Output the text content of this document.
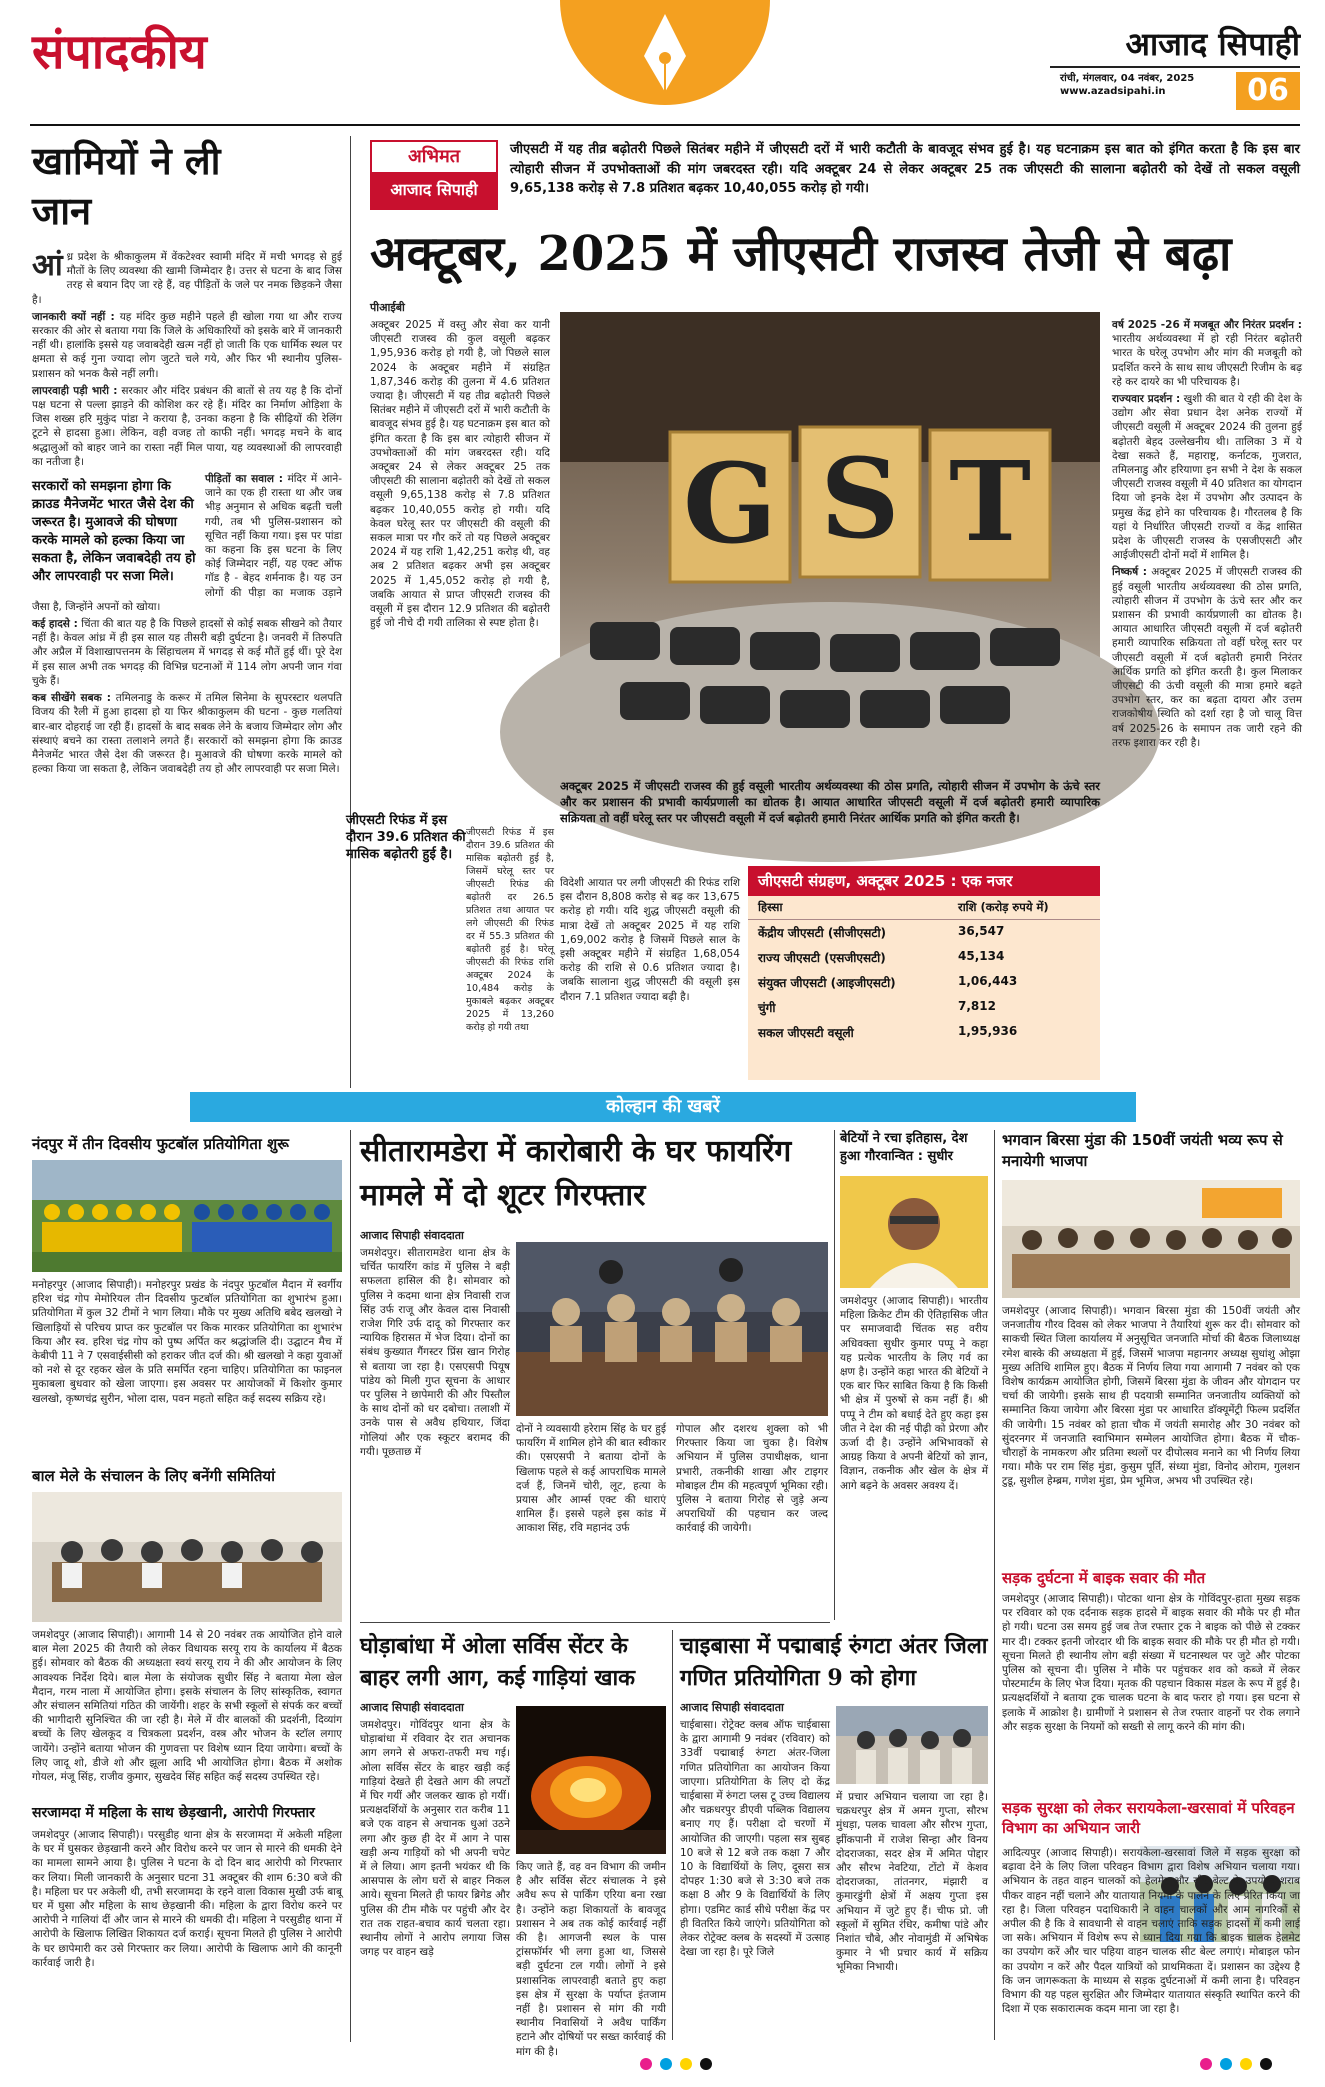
संपादकीय	आजाद सिपाही
रांची, मंगलवार, 04 नवंबर, 2025
www.azadsipahi.in	06
खामियों ने ली जान

आंध्र प्रदेश के श्रीकाकुलम में वेंकटेश्वर स्वामी मंदिर में मची भगदड़ से हुई मौतों के लिए व्यवस्था की खामी जिम्मेदार है। उत्तर से घटना के बाद जिस तरह से बयान दिए जा रहे हैं, वह पीड़ितों के जले पर नमक छिड़कने जैसा है।

जानकारी क्यों नहीं : यह मंदिर कुछ महीने पहले ही खोला गया था और राज्य सरकार की ओर से बताया गया कि जिले के अधिकारियों को इसके बारे में जानकारी नहीं थी। हालांकि इससे यह जवाबदेही खत्म नहीं हो जाती कि एक धार्मिक स्थल पर क्षमता से कई गुना ज्यादा लोग जुटते चले गये, और फिर भी स्थानीय पुलिस-प्रशासन को भनक कैसे नहीं लगी।

लापरवाही पड़ी भारी : सरकार और मंदिर प्रबंधन की बातों से तय यह है कि दोनों पक्ष घटना से पल्ला झाड़ने की कोशिश कर रहे हैं। मंदिर का निर्माण ओड़िशा के जिस शख्स हरि मुकुंद पांडा ने कराया है, उनका कहना है कि सीढ़ियों की रेलिंग टूटने से हादसा हुआ। लेकिन, वही वजह तो काफी नहीं। भगदड़ मचने के बाद श्रद्धालुओं को बाहर जाने का रास्ता नहीं मिल पाया, यह व्यवस्थाओं की लापरवाही का नतीजा है।

सरकारों को समझना होगा कि क्राउड मैनेजमेंट भारत जैसे देश की जरूरत है। मुआवजे की घोषणा करके मामले को हल्का किया जा सकता है, लेकिन जवाबदेही तय हो और लापरवाही पर सजा मिले।

पीड़ितों का सवाल : मंदिर में आने-जाने का एक ही रास्ता था और जब भीड़ अनुमान से अधिक बढ़ती चली गयी, तब भी पुलिस-प्रशासन को सूचित नहीं किया गया। इस पर पांडा का कहना कि इस घटना के लिए कोई जिम्मेदार नहीं, यह एक्ट ऑफ गॉड है - बेहद शर्मनाक है। यह उन लोगों की पीड़ा का मजाक उड़ाने जैसा है, जिन्होंने अपनों को खोया।

कई हादसे : चिंता की बात यह है कि पिछले हादसों से कोई सबक सीखने को तैयार नहीं है। केवल आंध्र में ही इस साल यह तीसरी बड़ी दुर्घटना है। जनवरी में तिरुपति और अप्रैल में विशाखापत्तनम के सिंहाचलम में भगदड़ से कई मौतें हुई थीं। पूरे देश में इस साल अभी तक भगदड़ की विभिन्न घटनाओं में 114 लोग अपनी जान गंवा चुके हैं।

कब सीखेंगे सबक : तमिलनाडु के करूर में तमिल सिनेमा के सुपरस्टार थलपति विजय की रैली में हुआ हादसा हो या फिर श्रीकाकुलम की घटना - कुछ गलतियां बार-बार दोहराई जा रही हैं। हादसों के बाद सबक लेने के बजाय जिम्मेदार लोग और संस्थाएं बचने का रास्ता तलाशने लगते हैं। सरकारों को समझना होगा कि क्राउड मैनेजमेंट भारत जैसे देश की जरूरत है। मुआवजे की घोषणा करके मामले को हल्का किया जा सकता है, लेकिन जवाबदेही तय हो और लापरवाही पर सजा मिले।

अभिमत
आजाद सिपाही
जीएसटी में यह तीव्र बढ़ोतरी पिछले सितंबर महीने में जीएसटी दरों में भारी कटौती के बावजूद संभव हुई है। यह घटनाक्रम इस बात को इंगित करता है कि इस बार त्योहारी सीजन में उपभोक्ताओं की मांग जबरदस्त रही। यदि अक्टूबर 24 से लेकर अक्टूबर 25 तक जीएसटी की सालाना बढ़ोतरी को देखें तो सकल वसूली 9,65,138 करोड़ से 7.8 प्रतिशत बढ़कर 10,40,055 करोड़ हो गयी।
अक्टूबर, 2025 में जीएसटी राजस्व तेजी से बढ़ा
पीआईबी
अक्टूबर 2025 में वस्तु और सेवा कर यानी जीएसटी राजस्व की कुल वसूली बढ़कर 1,95,936 करोड़ हो गयी है, जो पिछले साल 2024 के अक्टूबर महीने में संग्रहित 1,87,346 करोड़ की तुलना में 4.6 प्रतिशत ज्यादा है। जीएसटी में यह तीव्र बढ़ोतरी पिछले सितंबर महीने में जीएसटी दरों में भारी कटौती के बावजूद संभव हुई है। यह घटनाक्रम इस बात को इंगित करता है कि इस बार त्योहारी सीजन में उपभोक्ताओं की मांग जबरदस्त रही। यदि अक्टूबर 24 से लेकर अक्टूबर 25 तक जीएसटी की सालाना बढ़ोतरी को देखें तो सकल वसूली 9,65,138 करोड़ से 7.8 प्रतिशत बढ़कर 10,40,055 करोड़ हो गयी। यदि केवल घरेलू स्तर पर जीएसटी की वसूली की सकल मात्रा पर गौर करें तो यह पिछले अक्टूबर 2024 में यह राशि 1,42,251 करोड़ थी, वह अब 2 प्रतिशत बढ़कर अभी इस अक्टूबर 2025 में 1,45,052 करोड़ हो गयी है, जबकि आयात से प्राप्त जीएसटी राजस्व की वसूली में इस दौरान 12.9 प्रतिशत की बढ़ोतरी हुई जो नीचे दी गयी तालिका से स्पष्ट होता है।
जीएसटी रिफंड में इस दौरान 39.6 प्रतिशत की मासिक बढ़ोतरी हुई है।
जीएसटी रिफंड में इस दौरान 39.6 प्रतिशत की मासिक बढ़ोतरी हुई है, जिसमें घरेलू स्तर पर जीएसटी रिफंड की बढ़ोतरी दर 26.5 प्रतिशत तथा आयात पर लगे जीएसटी की रिफंड दर में 55.3 प्रतिशत की बढ़ोतरी हुई है। घरेलू जीएसटी की रिफंड राशि अक्टूबर 2024 के 10,484 करोड़ के मुकाबले बढ़कर अक्टूबर 2025 में 13,260 करोड़ हो गयी तथा
G S T
अक्टूबर 2025 में जीएसटी राजस्व की हुई वसूली भारतीय अर्थव्यवस्था की ठोस प्रगति, त्योहारी सीजन में उपभोग के ऊंचे स्तर और कर प्रशासन की प्रभावी कार्यप्रणाली का द्योतक है। आयात आधारित जीएसटी वसूली में दर्ज बढ़ोतरी हमारी व्यापारिक सक्रियता तो वहीं घरेलू स्तर पर जीएसटी वसूली में दर्ज बढ़ोतरी हमारी निरंतर आर्थिक प्रगति को इंगित करती है।
विदेशी आयात पर लगी जीएसटी की रिफंड राशि इस दौरान 8,808 करोड़ से बढ़ कर 13,675 करोड़ हो गयी। यदि शुद्ध जीएसटी वसूली की मात्रा देखें तो अक्टूबर 2025 में यह राशि 1,69,002 करोड़ है जिसमें पिछले साल के इसी अक्टूबर महीने में संग्रहित 1,68,054 करोड़ की राशि से 0.6 प्रतिशत ज्यादा है। जबकि सालाना शुद्ध जीएसटी की वसूली इस दौरान 7.1 प्रतिशत ज्यादा बढ़ी है।
जीएसटी संग्रहण, अक्टूबर 2025 : एक नजर
हिस्सा	राशि (करोड़ रुपये में)
केंद्रीय जीएसटी (सीजीएसटी)	36,547
राज्य जीएसटी (एसजीएसटी)	45,134
संयुक्त जीएसटी (आइजीएसटी)	1,06,443
चुंगी	7,812
सकल जीएसटी वसूली	1,95,936

वर्ष 2025 -26 में मजबूत और निरंतर प्रदर्शन : भारतीय अर्थव्यवस्था में हो रही निरंतर बढ़ोतरी भारत के घरेलू उपभोग और मांग की मजबूती को प्रदर्शित करने के साथ साथ जीएसटी रिजीम के बढ़ रहे कर दायरे का भी परिचायक है।

राज्यवार प्रदर्शन : खुशी की बात ये रही की देश के उद्योग और सेवा प्रधान देश अनेक राज्यों में जीएसटी वसूली में अक्टूबर 2024 की तुलना हुई बढ़ोतरी बेहद उल्लेखनीय थी। तालिका 3 में ये देखा सकते हैं, महाराष्ट्र, कर्नाटक, गुजरात, तमिलनाडु और हरियाणा इन सभी ने देश के सकल जीएसटी राजस्व वसूली में 40 प्रतिशत का योगदान दिया जो इनके देश में उपभोग और उत्पादन के प्रमुख केंद्र होने का परिचायक है। गौरतलब है कि यहां ये निर्धारित जीएसटी राज्यों व केंद्र शासित प्रदेश के जीएसटी राजस्व के एसजीएसटी और आईजीएसटी दोनों मदों में शामिल है।

निष्कर्ष : अक्टूबर 2025 में जीएसटी राजस्व की हुई वसूली भारतीय अर्थव्यवस्था की ठोस प्रगति, त्योहारी सीजन में उपभोग के ऊंचे स्तर और कर प्रशासन की प्रभावी कार्यप्रणाली का द्योतक है। आयात आधारित जीएसटी वसूली में दर्ज बढ़ोतरी हमारी व्यापारिक सक्रियता तो वहीं घरेलू स्तर पर जीएसटी वसूली में दर्ज बढ़ोतरी हमारी निरंतर आर्थिक प्रगति को इंगित करती है। कुल मिलाकर जीएसटी की ऊंची वसूली की मात्रा हमारे बढ़ते उपभोग स्तर, कर का बढ़ता दायरा और उत्तम राजकोषीय स्थिति को दर्शा रहा है जो चालू वित्त वर्ष 2025-26 के समापन तक जारी रहने की तरफ इशारा कर रही है।

कोल्हान की खबरें
नंदपुर में तीन दिवसीय फुटबॉल प्रतियोगिता शुरू
मनोहरपुर (आजाद सिपाही)। मनोहरपुर प्रखंड के नंदपुर फुटबॉल मैदान में स्वर्गीय हरिश चंद्र गोप मेमोरियल तीन दिवसीय फुटबॉल प्रतियोगिता का शुभारंभ हुआ। प्रतियोगिता में कुल 32 टीमों ने भाग लिया। मौके पर मुख्य अतिथि बबेद खलखो ने खिलाड़ियों से परिचय प्राप्त कर फुटबॉल पर किक मारकर प्रतियोगिता का शुभारंभ किया और स्व. हरिश चंद्र गोप को पुष्प अर्पित कर श्रद्धांजलि दी। उद्घाटन मैच में केबीपी 11 ने 7 एसवाईसीसी को हराकर जीत दर्ज की। श्री खलखो ने कहा युवाओं को नशे से दूर रहकर खेल के प्रति समर्पित रहना चाहिए। प्रतियोगिता का फाइनल मुकाबला बुधवार को खेला जाएगा। इस अवसर पर आयोजकों में किशोर कुमार खलखो, कृष्णचंद्र सुरीन, भोला दास, पवन महतो सहित कई सदस्य सक्रिय रहे।
बाल मेले के संचालन के लिए बनेंगी समितियां
जमशेदपुर (आजाद सिपाही)। आगामी 14 से 20 नवंबर तक आयोजित होने वाले बाल मेला 2025 की तैयारी को लेकर विधायक सरयू राय के कार्यालय में बैठक हुई। सोमवार को बैठक की अध्यक्षता स्वयं सरयू राय ने की और आयोजन के लिए आवश्यक निर्देश दिये। बाल मेला के संयोजक सुधीर सिंह ने बताया मेला खेल मैदान, गरम नाला में आयोजित होगा। इसके संचालन के लिए सांस्कृतिक, स्वागत और संचालन समितियां गठित की जायेंगी। शहर के सभी स्कूलों से संपर्क कर बच्चों की भागीदारी सुनिश्चित की जा रही है। मेले में वीर बालकों की प्रदर्शनी, दिव्यांग बच्चों के लिए खेलकूद व चित्रकला प्रदर्शन, वस्त्र और भोजन के स्टॉल लगाए जायेंगे। उन्होंने बताया भोजन की गुणवत्ता पर विशेष ध्यान दिया जायेगा। बच्चों के लिए जादू शो, डीजे शो और झूला आदि भी आयोजित होगा। बैठक में अशोक गोयल, मंजू सिंह, राजीव कुमार, सुखदेव सिंह सहित कई सदस्य उपस्थित रहे।
सरजामदा में महिला के साथ छेड़खानी, आरोपी गिरफ्तार
जमशेदपुर (आजाद सिपाही)। परसुडीह थाना क्षेत्र के सरजामदा में अकेली महिला के घर में घुसकर छेड़खानी करने और विरोध करने पर जान से मारने की धमकी देने का मामला सामने आया है। पुलिस ने घटना के दो दिन बाद आरोपी को गिरफ्तार कर लिया। मिली जानकारी के अनुसार घटना 31 अक्टूबर की शाम 6:30 बजे की है। महिला घर पर अकेली थी, तभी सरजामदा के रहने वाला विकास मुखी उर्फ बाबू घर में घुसा और महिला के साथ छेड़खानी की। महिला के द्वारा विरोध करने पर आरोपी ने गालियां दीं और जान से मारने की धमकी दी। महिला ने परसुडीह थाना में आरोपी के खिलाफ लिखित शिकायत दर्ज कराई। सूचना मिलते ही पुलिस ने आरोपी के घर छापेमारी कर उसे गिरफ्तार कर लिया। आरोपी के खिलाफ आगे की कानूनी कार्रवाई जारी है।
सीतारामडेरा में कारोबारी के घर फायरिंग मामले में दो शूटर गिरफ्तार
आजाद सिपाही संवाददाता
जमशेदपुर। सीतारामडेरा थाना क्षेत्र के चर्चित फायरिंग कांड में पुलिस ने बड़ी सफलता हासिल की है। सोमवार को पुलिस ने कदमा थाना क्षेत्र निवासी राज सिंह उर्फ राजू और केवल दास निवासी राजेश गिरि उर्फ दादू को गिरफ्तार कर न्यायिक हिरासत में भेज दिया। दोनों का संबंध कुख्यात गैंगस्टर प्रिंस खान गिरोह से बताया जा रहा है। एसएसपी पियूष पांडेय को मिली गुप्त सूचना के आधार पर पुलिस ने छापेमारी की और पिस्तौल के साथ दोनों को धर दबोचा। तलाशी में उनके पास से अवैध हथियार, जिंदा गोलियां और एक स्कूटर बरामद की गयी। पूछताछ में
दोनों ने व्यवसायी हरेराम सिंह के घर हुई फायरिंग में शामिल होने की बात स्वीकार की। एसएसपी ने बताया दोनों के खिलाफ पहले से कई आपराधिक मामले दर्ज हैं, जिनमें चोरी, लूट, हत्या के प्रयास और आर्म्स एक्ट की धाराएं शामिल हैं। इससे पहले इस कांड में आकाश सिंह, रवि महानंद उर्फ
गोपाल और दशरथ शुक्ला को भी गिरफ्तार किया जा चुका है। विशेष अभियान में पुलिस उपाधीक्षक, थाना प्रभारी, तकनीकी शाखा और टाइगर मोबाइल टीम की महत्वपूर्ण भूमिका रही। पुलिस ने बताया गिरोह से जुड़े अन्य अपराधियों की पहचान कर जल्द कार्रवाई की जायेगी।
घोड़ाबांधा में ओला सर्विस सेंटर के बाहर लगी आग, कई गाड़ियां खाक
आजाद सिपाही संवाददाता
जमशेदपुर। गोविंदपुर थाना क्षेत्र के घोड़ाबांधा में रविवार देर रात अचानक आग लगने से अफरा-तफरी मच गई। ओला सर्विस सेंटर के बाहर खड़ी कई गाड़ियां देखते ही देखते आग की लपटों में घिर गयीं और जलकर खाक हो गयीं। प्रत्यक्षदर्शियों के अनुसार रात करीब 11 बजे एक वाहन से अचानक धुआं उठने लगा और कुछ ही देर में आग ने पास खड़ी अन्य गाड़ियों को भी अपनी चपेट में ले लिया। आग इतनी भयंकर थी कि आसपास के लोग घरों से बाहर निकल आये। सूचना मिलते ही फायर ब्रिगेड और पुलिस की टीम मौके पर पहुंची और देर रात तक राहत-बचाव कार्य चलता रहा। स्थानीय लोगों ने आरोप लगाया जिस जगह पर वाहन खड़े
किए जाते हैं, वह वन विभाग की जमीन है और सर्विस सेंटर संचालक ने इसे अवैध रूप से पार्किंग एरिया बना रखा है। उन्होंने कहा शिकायतों के बावजूद प्रशासन ने अब तक कोई कार्रवाई नहीं की है। आगजनी स्थल के पास ट्रांसफॉर्मर भी लगा हुआ था, जिससे बड़ी दुर्घटना टल गयी। लोगों ने इसे प्रशासनिक लापरवाही बताते हुए कहा इस क्षेत्र में सुरक्षा के पर्याप्त इंतजाम नहीं है। प्रशासन से मांग की गयी स्थानीय निवासियों ने अवैध पार्किंग हटाने और दोषियों पर सख्त कार्रवाई की मांग की है।
चाइबासा में पद्माबाई रुंगटा अंतर जिला गणित प्रतियोगिता 9 को होगा
आजाद सिपाही संवाददाता
चाईबासा। रोट्रेक्ट क्लब ऑफ चाईबासा के द्वारा आगामी 9 नवंबर (रविवार) को 33वीं पद्माबाई रुंगटा अंतर-जिला गणित प्रतियोगिता का आयोजन किया जाएगा। प्रतियोगिता के लिए दो केंद्र चाईबासा में रुंगटा प्लस टू उच्च विद्यालय और चक्रधरपुर डीएवी पब्लिक विद्यालय बनाए गए हैं। परीक्षा दो चरणों में आयोजित की जाएगी। पहला सत्र सुबह 10 बजे से 12 बजे तक कक्षा 7 और 10 के विद्यार्थियों के लिए, दूसरा सत्र दोपहर 1:30 बजे से 3:30 बजे तक कक्षा 8 और 9 के विद्यार्थियों के लिए होगा। एडमिट कार्ड सीधे परीक्षा केंद्र पर ही वितरित किये जाएंगे। प्रतियोगिता को लेकर रोट्रेक्ट क्लब के सदस्यों में उत्साह देखा जा रहा है। पूरे जिले
में प्रचार अभियान चलाया जा रहा है। चक्रधरपुर क्षेत्र में अमन गुप्ता, सौरभ मुंधड़ा, पलक चावला और सौरभ गुप्ता, झींकपानी में राजेश सिन्हा और विनय दोदराजका, सदर क्षेत्र में अमित पोद्दार और सौरभ नेवटिया, टोंटो में केशव दोदराजका, तांतनगर, मंझारी व कुमारडुंगी क्षेत्रों में अक्षय गुप्ता इस अभियान में जुटे हुए हैं। चीफ प्रो. जी स्कूलों में सुमित रंधिर, कमीषा पांडे और निशांत चौबे, और नोवामुंडी में अभिषेक कुमार ने भी प्रचार कार्य में सक्रिय भूमिका निभायी।
बेटियों ने रचा इतिहास, देश हुआ गौरवान्वित : सुधीर
जमशेदपुर (आजाद सिपाही)। भारतीय महिला क्रिकेट टीम की ऐतिहासिक जीत पर समाजवादी चिंतक सह वरीय अधिवक्ता सुधीर कुमार पप्पू ने कहा यह प्रत्येक भारतीय के लिए गर्व का क्षण है। उन्होंने कहा भारत की बेटियों ने एक बार फिर साबित किया है कि किसी भी क्षेत्र में पुरुषों से कम नहीं हैं। श्री पप्पू ने टीम को बधाई देते हुए कहा इस जीत ने देश की नई पीढ़ी को प्रेरणा और ऊर्जा दी है। उन्होंने अभिभावकों से आग्रह किया वे अपनी बेटियों को ज्ञान, विज्ञान, तकनीक और खेल के क्षेत्र में आगे बढ़ने के अवसर अवश्य दें।
भगवान बिरसा मुंडा की 150वीं जयंती भव्य रूप से मनायेगी भाजपा
जमशेदपुर (आजाद सिपाही)। भगवान बिरसा मुंडा की 150वीं जयंती और जनजातीय गौरव दिवस को लेकर भाजपा ने तैयारियां शुरू कर दी। सोमवार को साकची स्थित जिला कार्यालय में अनुसूचित जनजाति मोर्चा की बैठक जिलाध्यक्ष रमेश बास्के की अध्यक्षता में हुई, जिसमें भाजपा महानगर अध्यक्ष सुधांशु ओझा मुख्य अतिथि शामिल हुए। बैठक में निर्णय लिया गया आगामी 7 नवंबर को एक विशेष कार्यक्रम आयोजित होगी, जिसमें बिरसा मुंडा के जीवन और योगदान पर चर्चा की जायेगी। इसके साथ ही पदयात्री सम्मानित जनजातीय व्यक्तियों को सम्मानित किया जायेगा और बिरसा मुंडा पर आधारित डॉक्यूमेंट्री फिल्म प्रदर्शित की जायेगी। 15 नवंबर को हाता चौक में जयंती समारोह और 30 नवंबर को सुंदरनगर में जनजाति स्वाभिमान सम्मेलन आयोजित होगा। बैठक में चौक-चौराहों के नामकरण और प्रतिमा स्थलों पर दीपोत्सव मनाने का भी निर्णय लिया गया। मौके पर राम सिंह मुंडा, कुसुम पूर्ति, संध्या मुंडा, विनोद ओराम, गुलशन टुडू, सुशील हेम्ब्रम, गणेश मुंडा, प्रेम भूमिज, अभय भी उपस्थित रहे।
सड़क दुर्घटना में बाइक सवार की मौत
जमशेदपुर (आजाद सिपाही)। पोटका थाना क्षेत्र के गोविंदपुर-हाता मुख्य सड़क पर रविवार को एक दर्दनाक सड़क हादसे में बाइक सवार की मौके पर ही मौत हो गयी। घटना उस समय हुई जब तेज रफ्तार ट्रक ने बाइक को पीछे से टक्कर मार दी। टक्कर इतनी जोरदार थी कि बाइक सवार की मौके पर ही मौत हो गयी। सूचना मिलते ही स्थानीय लोग बड़ी संख्या में घटनास्थल पर जुटे और पोटका पुलिस को सूचना दी। पुलिस ने मौके पर पहुंचकर शव को कब्जे में लेकर पोस्टमार्टम के लिए भेज दिया। मृतक की पहचान विकास मंडल के रूप में हुई है। प्रत्यक्षदर्शियों ने बताया ट्रक चालक घटना के बाद फरार हो गया। इस घटना से इलाके में आक्रोश है। ग्रामीणों ने प्रशासन से तेज रफ्तार वाहनों पर रोक लगाने और सड़क सुरक्षा के नियमों को सख्ती से लागू करने की मांग की।
सड़क सुरक्षा को लेकर सरायकेला-खरसावां में परिवहन विभाग का अभियान जारी
आदित्यपुर (आजाद सिपाही)। सरायकेला-खरसावां जिले में सड़क सुरक्षा को बढ़ावा देने के लिए जिला परिवहन विभाग द्वारा विशेष अभियान चलाया गया। अभियान के तहत वाहन चालकों को हेलमेट और सीट बेल्ट के उपयोग, शराब पीकर वाहन नहीं चलाने और यातायात नियमों के पालन के लिए प्रेरित किया जा रहा है। जिला परिवहन पदाधिकारी ने वाहन चालकों और आम नागरिकों से अपील की है कि वे सावधानी से वाहन चलाएं ताकि सड़क हादसों में कमी लाई जा सके। अभियान में विशेष रूप से ध्यान दिया गया कि बाइक चालक हेलमेट का उपयोग करें और चार पहिया वाहन चालक सीट बेल्ट लगाएं। मोबाइल फोन का उपयोग न करें और पैदल यात्रियों को प्राथमिकता दें। प्रशासन का उद्देश्य है कि जन जागरूकता के माध्यम से सड़क दुर्घटनाओं में कमी लाना है। परिवहन विभाग की यह पहल सुरक्षित और जिम्मेदार यातायात संस्कृति स्थापित करने की दिशा में एक सकारात्मक कदम माना जा रहा है।
